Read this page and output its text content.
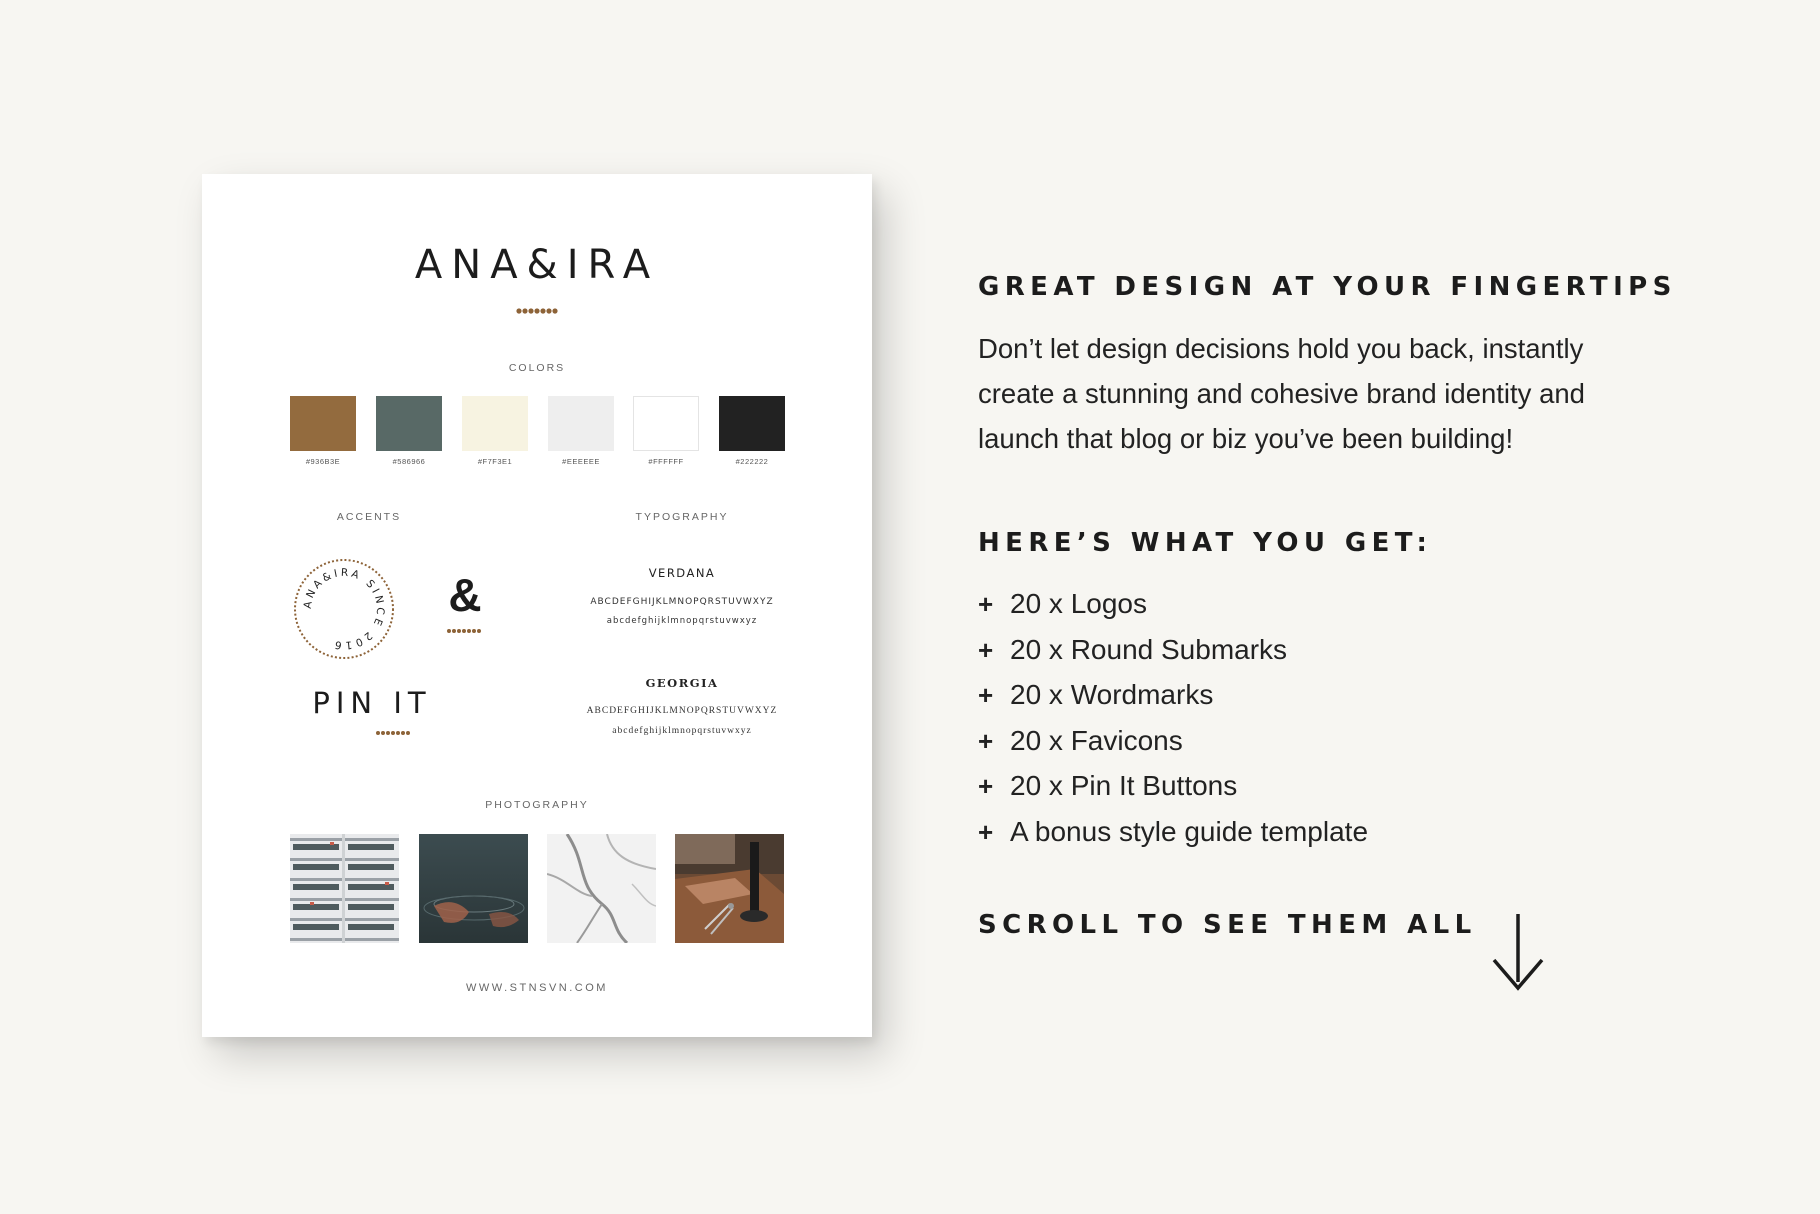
ANA&IRA
COLORS
#936B3E	#586966	#F7F3E1	#EEEEEE	#FFFFFF	#222222
ACCENTS	TYPOGRAPHY
ANA&IRA SINCE 2016
&
PIN IT
VERDANA
ABCDEFGHIJKLMNOPQRSTUVWXYZ
abcdefghijklmnopqrstuvwxyz
GEORGIA
ABCDEFGHIJKLMNOPQRSTUVWXYZ
abcdefghijklmnopqrstuvwxyz
PHOTOGRAPHY
WWW.STNSVN.COM
GREAT DESIGN AT YOUR FINGERTIPS
Don’t let design decisions hold you back, instantly
create a stunning and cohesive brand identity and
launch that blog or biz you’ve been building!
HERE’S WHAT YOU GET:
+ 20 x Logos
+ 20 x Round Submarks
+ 20 x Wordmarks
+ 20 x Favicons
+ 20 x Pin It Buttons
+ A bonus style guide template
SCROLL TO SEE THEM ALL
